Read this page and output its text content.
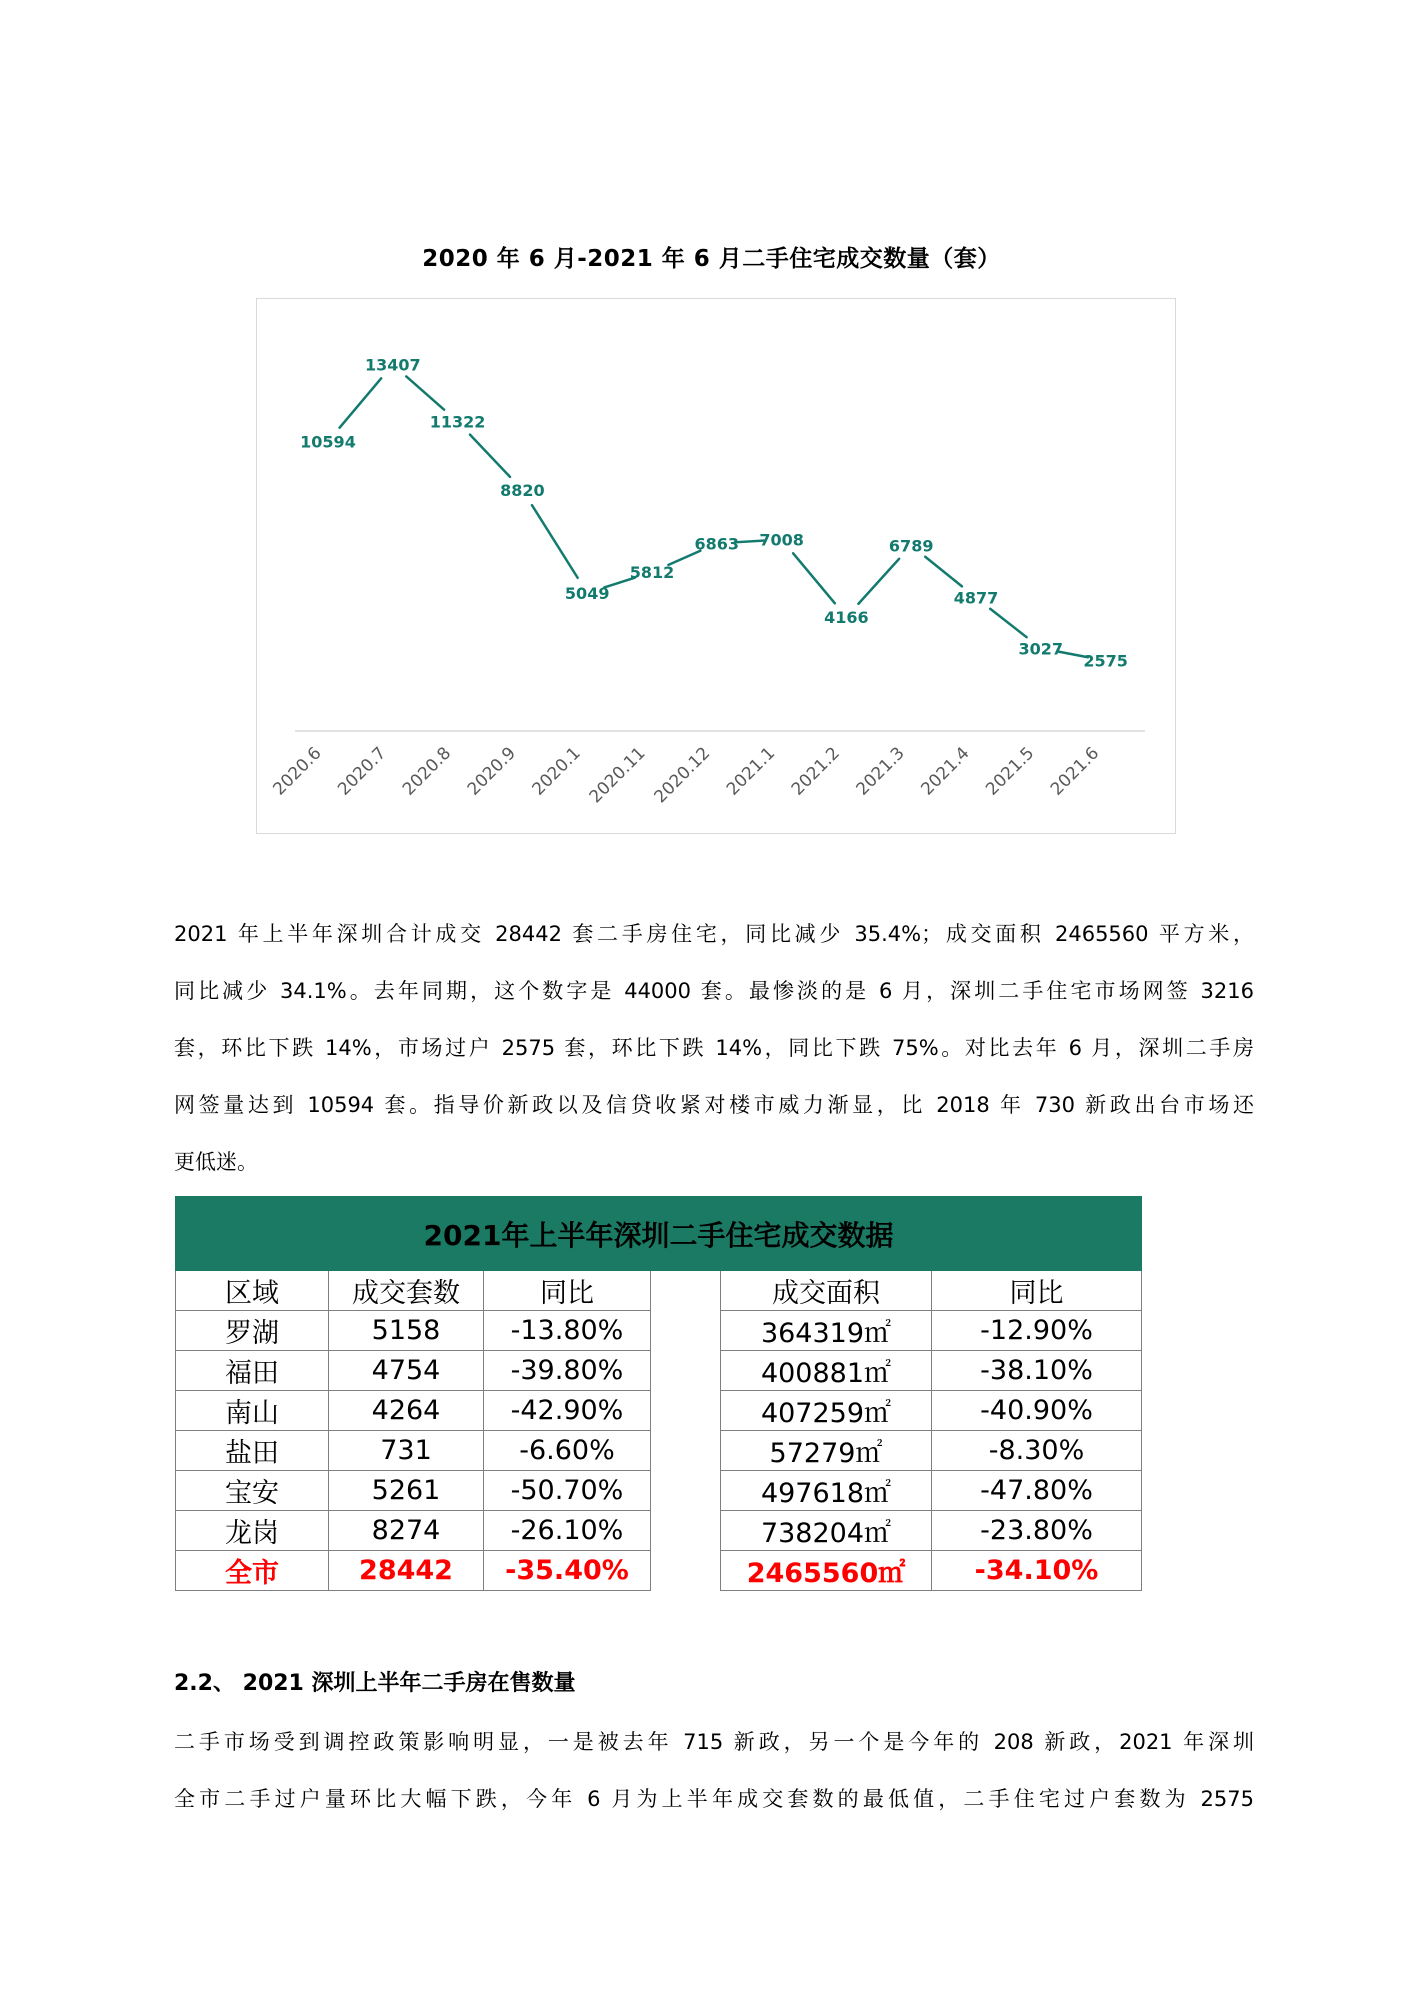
2020 年 6 月-2021 年 6 月二手住宅成交数量（套）
10594
13407
11322
8820
5049
5812
6863 7008
4166
6789
4877
3027
2575
2020.6 2020.7 2020.8 2020.9 2020.1 2020.11 2020.12 2021.1 2021.2 2021.3 2021.4 2021.5 2021.6
2021 年上半年深圳合计成交 28442 套二手房住宅，同比减少 35.4%；成交面积 2465560 平方米，
同比减少 34.1%。去年同期，这个数字是 44000 套。最惨淡的是 6 月，深圳二手住宅市场网签 3216
套，环比下跌 14%，市场过户 2575 套，环比下跌 14%，同比下跌 75%。对比去年 6 月，深圳二手房
网签量达到 10594 套。指导价新政以及信贷收紧对楼市威力渐显，比 2018 年 730 新政出台市场还
更低迷。
2021年上半年深圳二手住宅成交数据					
区域	成交套数	同比		成交面积	同比
罗湖	5158	-13.80%		364319㎡	-12.90%
福田	4754	-39.80%		400881㎡	-38.10%
南山	4264	-42.90%		407259㎡	-40.90%
盐田	731	-6.60%		57279㎡	-8.30%
宝安	5261	-50.70%		497618㎡	-47.80%
龙岗	8274	-26.10%		738204㎡	-23.80%
全市	28442	-35.40%		2465560㎡	-34.10%
2.2、 2021 深圳上半年二手房在售数量
二手市场受到调控政策影响明显，一是被去年 715 新政，另一个是今年的 208 新政，2021 年深圳
全市二手过户量环比大幅下跌，今年 6 月为上半年成交套数的最低值，二手住宅过户套数为 2575
